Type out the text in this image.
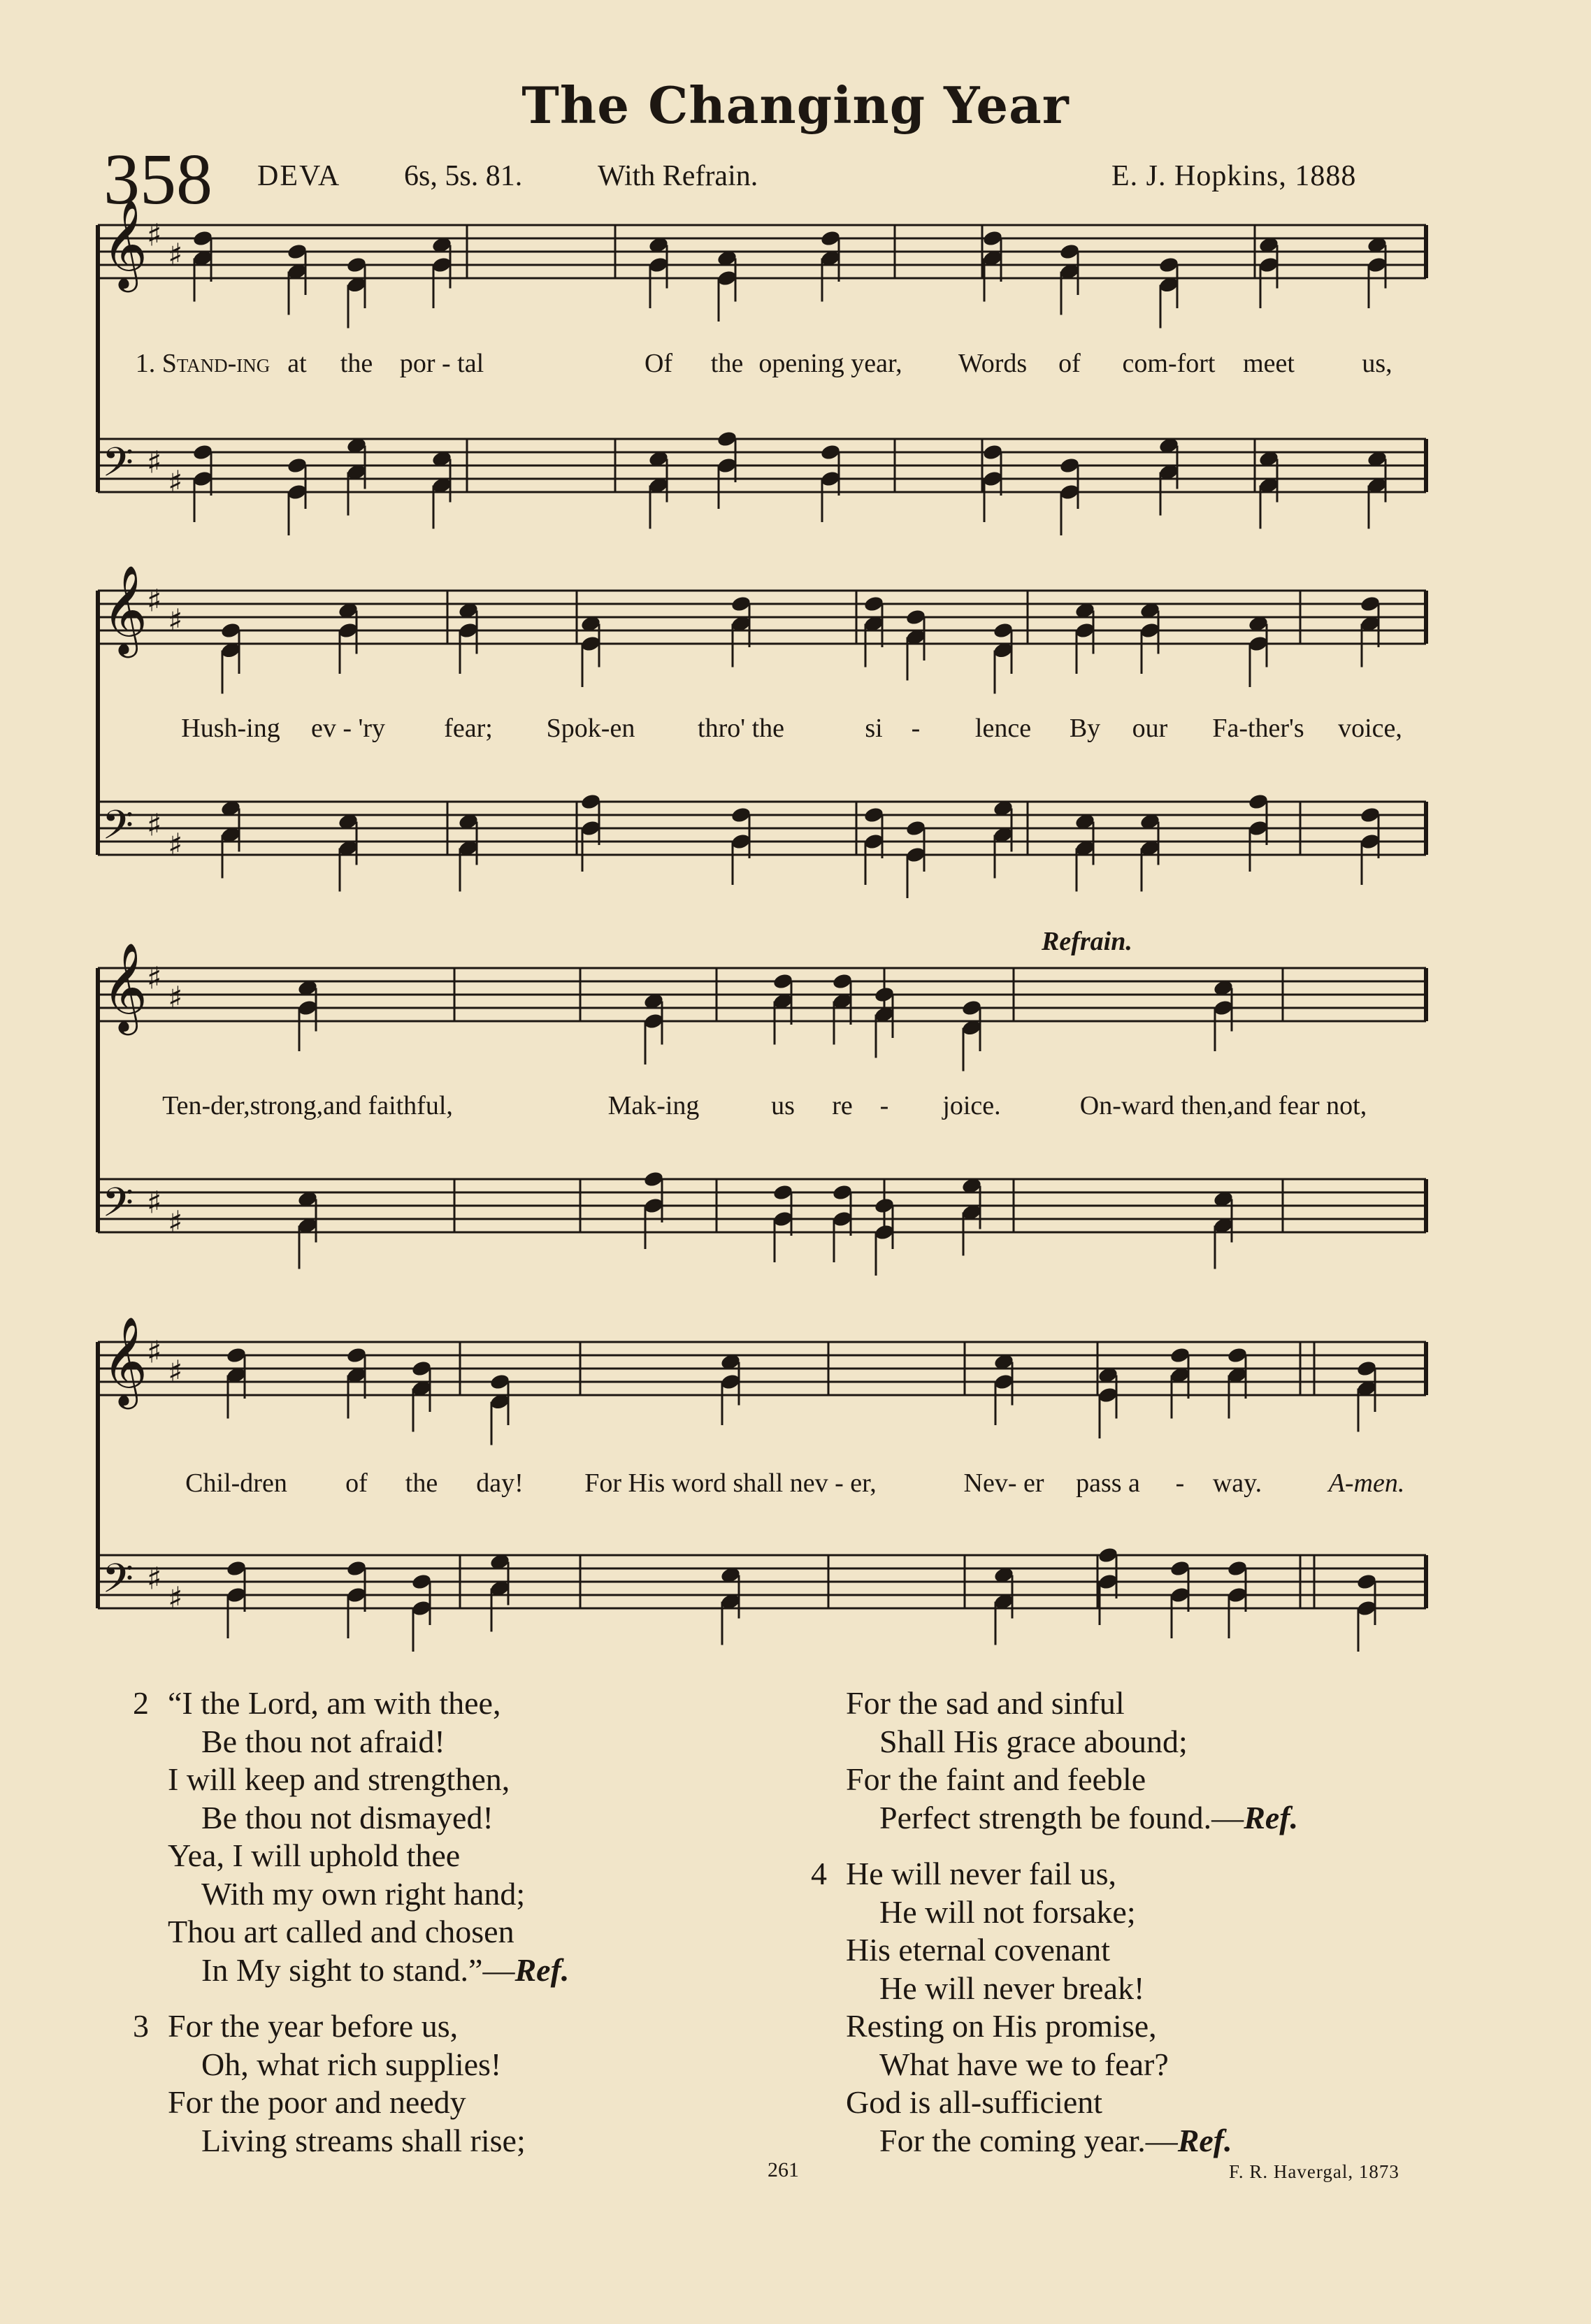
The Changing Year
358 DEVA 6s, 5s. 81.	With Refrain.	E. J. Hopkins, 1888
𝄞
♯
♯
𝄢 ♯
♯
𝄞
♯
♯
𝄢 ♯
♯
𝄞
♯
♯
𝄢 ♯
♯
𝄞
♯
♯
𝄢 ♯
♯
Refrain.
2 “I the Lord, am with thee,
Be thou not afraid!
I will keep and strengthen,
Be thou not dismayed!
Yea, I will uphold thee
With my own right hand;
Thou art called and chosen
In My sight to stand.”—Ref.
3 For the year before us,
Oh, what rich supplies!
For the poor and needy
Living streams shall rise;
For the sad and sinful
Shall His grace abound;
For the faint and feeble
Perfect strength be found.—Ref.
4 He will never fail us,
He will not forsake;
His eternal covenant
He will never break!
Resting on His promise,
What have we to fear?
God is all-sufficient
For the coming year.—Ref.
261	F. R. Havergal, 1873
1. Stand-ing at the por - tal	Of the opening year, Words of com-fort meet	us,
Hush-ing ev - 'ry fear; Spok-en thro' the	si - lence By our Fa-ther's voice,
Ten-der,strong,and faithful,	Mak-ing	us re - joice.	On-ward then,and fear not,
Chil-dren of the day! For His word shall nev - er,	Nev- er pass a - way.	A-men.
